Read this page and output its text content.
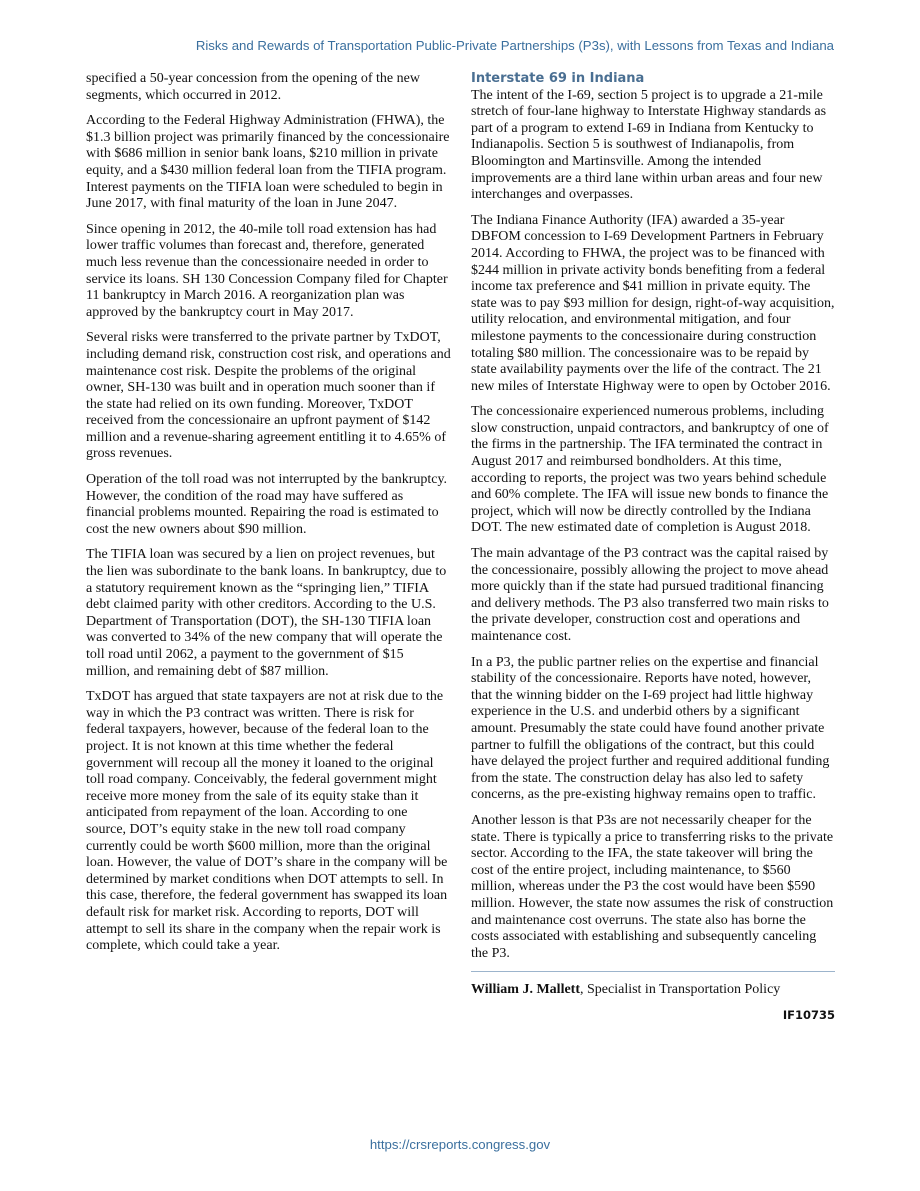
Risks and Rewards of Transportation Public-Private Partnerships (P3s), with Lessons from Texas and Indiana

specified a 50-year concession from the opening of the new segments, which occurred in 2012.

According to the Federal Highway Administration (FHWA), the $1.3 billion project was primarily financed by the concessionaire with $686 million in senior bank loans, $210 million in private equity, and a $430 million federal loan from the TIFIA program. Interest payments on the TIFIA loan were scheduled to begin in June 2017, with final maturity of the loan in June 2047.

Since opening in 2012, the 40-mile toll road extension has had lower traffic volumes than forecast and, therefore, generated much less revenue than the concessionaire needed in order to service its loans. SH 130 Concession Company filed for Chapter 11 bankruptcy in March 2016. A reorganization plan was approved by the bankruptcy court in May 2017.

Several risks were transferred to the private partner by TxDOT, including demand risk, construction cost risk, and operations and maintenance cost risk. Despite the problems of the original owner, SH-130 was built and in operation much sooner than if the state had relied on its own funding. Moreover, TxDOT received from the concessionaire an upfront payment of $142 million and a revenue-sharing agreement entitling it to 4.65% of gross revenues.

Operation of the toll road was not interrupted by the bankruptcy. However, the condition of the road may have suffered as financial problems mounted. Repairing the road is estimated to cost the new owners about $90 million.

The TIFIA loan was secured by a lien on project revenues, but the lien was subordinate to the bank loans. In bankruptcy, due to a statutory requirement known as the “springing lien,” TIFIA debt claimed parity with other creditors. According to the U.S. Department of Transportation (DOT), the SH-130 TIFIA loan was converted to 34% of the new company that will operate the toll road until 2062, a payment to the government of $15 million, and remaining debt of $87 million.

TxDOT has argued that state taxpayers are not at risk due to the way in which the P3 contract was written. There is risk for federal taxpayers, however, because of the federal loan to the project. It is not known at this time whether the federal government will recoup all the money it loaned to the original toll road company. Conceivably, the federal government might receive more money from the sale of its equity stake than it anticipated from repayment of the loan. According to one source, DOT’s equity stake in the new toll road company currently could be worth $600 million, more than the original loan. However, the value of DOT’s share in the company will be determined by market conditions when DOT attempts to sell. In this case, therefore, the federal government has swapped its loan default risk for market risk. According to reports, DOT will attempt to sell its share in the company when the repair work is complete, which could take a year.

Interstate 69 in Indiana

The intent of the I-69, section 5 project is to upgrade a 21-mile stretch of four-lane highway to Interstate Highway standards as part of a program to extend I-69 in Indiana from Kentucky to Indianapolis. Section 5 is southwest of Indianapolis, from Bloomington and Martinsville. Among the intended improvements are a third lane within urban areas and four new interchanges and overpasses.

The Indiana Finance Authority (IFA) awarded a 35-year DBFOM concession to I-69 Development Partners in February 2014. According to FHWA, the project was to be financed with $244 million in private activity bonds benefiting from a federal income tax preference and $41 million in private equity. The state was to pay $93 million for design, right-of-way acquisition, utility relocation, and environmental mitigation, and four milestone payments to the concessionaire during construction totaling $80 million. The concessionaire was to be repaid by state availability payments over the life of the contract. The 21 new miles of Interstate Highway were to open by October 2016.

The concessionaire experienced numerous problems, including slow construction, unpaid contractors, and bankruptcy of one of the firms in the partnership. The IFA terminated the contract in August 2017 and reimbursed bondholders. At this time, according to reports, the project was two years behind schedule and 60% complete. The IFA will issue new bonds to finance the project, which will now be directly controlled by the Indiana DOT. The new estimated date of completion is August 2018.

The main advantage of the P3 contract was the capital raised by the concessionaire, possibly allowing the project to move ahead more quickly than if the state had pursued traditional financing and delivery methods. The P3 also transferred two main risks to the private developer, construction cost and operations and maintenance cost.

In a P3, the public partner relies on the expertise and financial stability of the concessionaire. Reports have noted, however, that the winning bidder on the I-69 project had little highway experience in the U.S. and underbid others by a significant amount. Presumably the state could have found another private partner to fulfill the obligations of the contract, but this could have delayed the project further and required additional funding from the state. The construction delay has also led to safety concerns, as the pre-existing highway remains open to traffic.

Another lesson is that P3s are not necessarily cheaper for the state. There is typically a price to transferring risks to the private sector. According to the IFA, the state takeover will bring the cost of the entire project, including maintenance, to $560 million, whereas under the P3 the cost would have been $590 million. However, the state now assumes the risk of construction and maintenance cost overruns. The state also has borne the costs associated with establishing and subsequently canceling the P3.

William J. Mallett, Specialist in Transportation Policy
IF10735
https://crsreports.congress.gov
